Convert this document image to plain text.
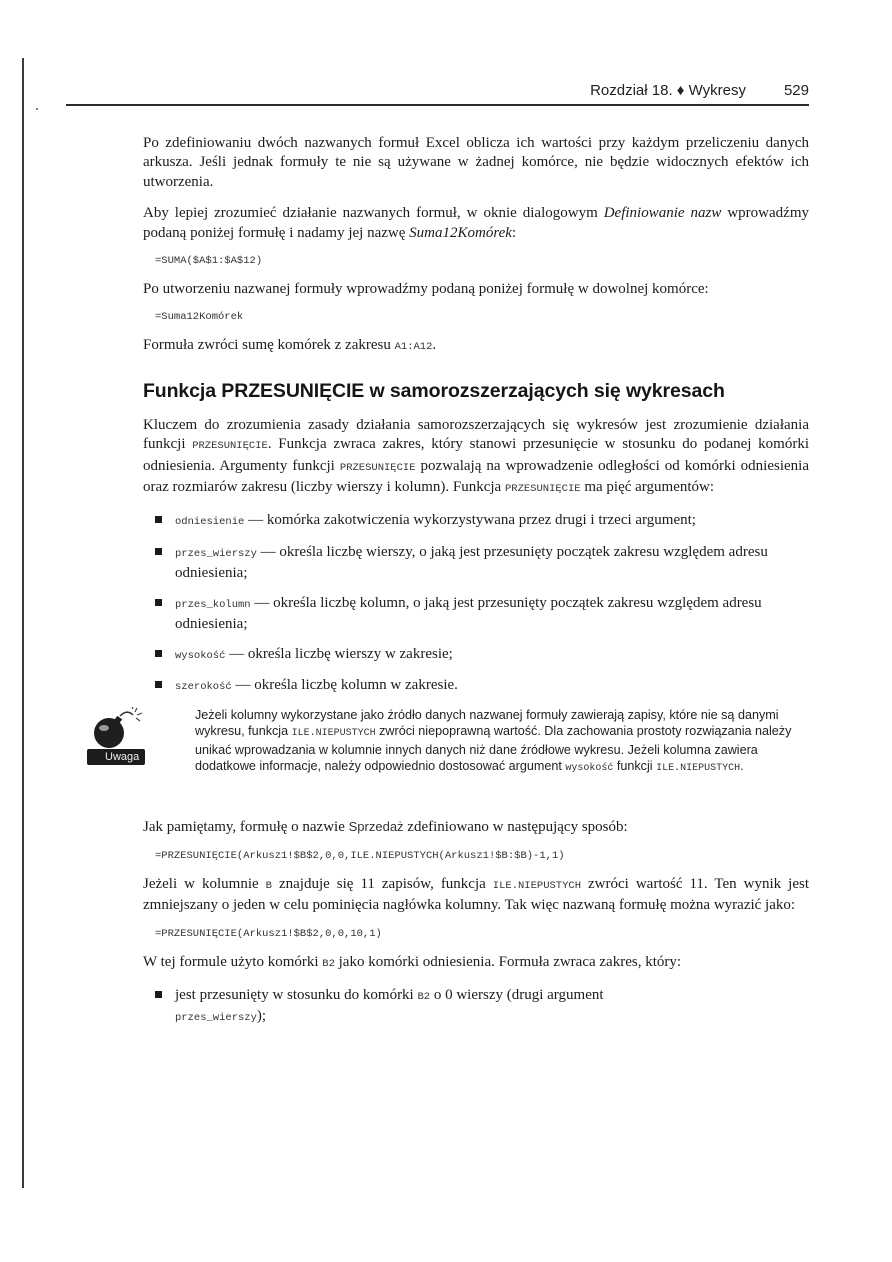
Rozdział 18. ♦ Wykresy	529

Po zdefiniowaniu dwóch nazwanych formuł Excel oblicza ich wartości przy każdym przeliczeniu danych arkusza. Jeśli jednak formuły te nie są używane w żadnej komórce, nie będzie widocznych efektów ich utworzenia.

Aby lepiej zrozumieć działanie nazwanych formuł, w oknie dialogowym Definiowanie nazw wprowadźmy podaną poniżej formułę i nadamy jej nazwę Suma12Komórek:

=SUMA($A$1:$A$12)

Po utworzeniu nazwanej formuły wprowadźmy podaną poniżej formułę w dowolnej komórce:

=Suma12Komórek

Formuła zwróci sumę komórek z zakresu A1:A12.

Funkcja PRZESUNIĘCIE w samorozszerzających się wykresach

Kluczem do zrozumienia zasady działania samorozszerzających się wykresów jest zrozumienie działania funkcji PRZESUNIĘCIE. Funkcja zwraca zakres, który stanowi przesunięcie w stosunku do podanej komórki odniesienia. Argumenty funkcji PRZESUNIĘCIE pozwalają na wprowadzenie odległości od komórki odniesienia oraz rozmiarów zakresu (liczby wierszy i kolumn). Funkcja PRZESUNIĘCIE ma pięć argumentów:

odniesienie — komórka zakotwiczenia wykorzystywana przez drugi i trzeci argument;
przes_wierszy — określa liczbę wierszy, o jaką jest przesunięty początek zakresu względem adresu odniesienia;
przes_kolumn — określa liczbę kolumn, o jaką jest przesunięty początek zakresu względem adresu odniesienia;
wysokość — określa liczbę wierszy w zakresie;
szerokość — określa liczbę kolumn w zakresie.
Uwaga
Jeżeli kolumny wykorzystane jako źródło danych nazwanej formuły zawierają zapisy, które nie są danymi wykresu, funkcja ILE.NIEPUSTYCH zwróci niepoprawną wartość. Dla zachowania prostoty rozwiązania należy unikać wprowadzania w kolumnie innych danych niż dane źródłowe wykresu. Jeżeli kolumna zawiera dodatkowe informacje, należy odpowiednio dostosować argument wysokość funkcji ILE.NIEPUSTYCH.

Jak pamiętamy, formułę o nazwie Sprzedaż zdefiniowano w następujący sposób:

=PRZESUNIĘCIE(Arkusz1!$B$2,0,0,ILE.NIEPUSTYCH(Arkusz1!$B:$B)-1,1)

Jeżeli w kolumnie B znajduje się 11 zapisów, funkcja ILE.NIEPUSTYCH zwróci wartość 11. Ten wynik jest zmniejszany o jeden w celu pominięcia nagłówka kolumny. Tak więc nazwaną formułę można wyrazić jako:

=PRZESUNIĘCIE(Arkusz1!$B$2,0,0,10,1)

W tej formule użyto komórki B2 jako komórki odniesienia. Formuła zwraca zakres, który:

jest przesunięty w stosunku do komórki B2 o 0 wierszy (drugi argument
przes_wierszy);
